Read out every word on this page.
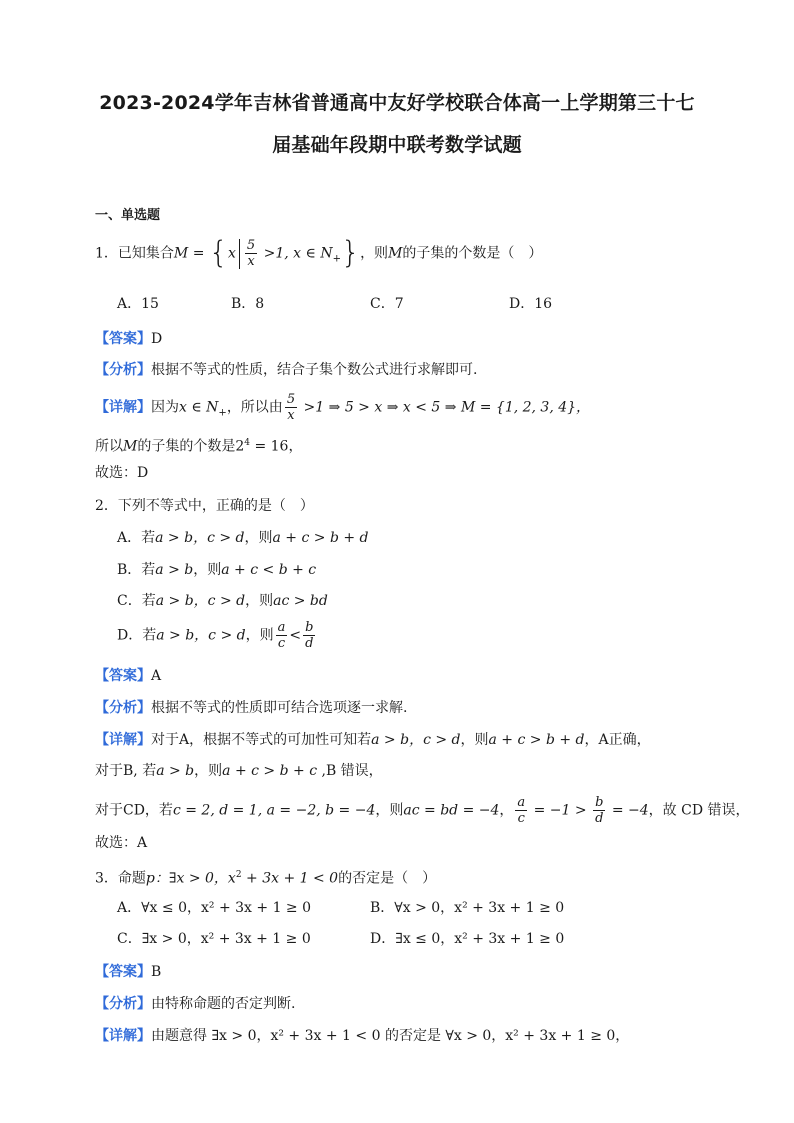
2023-2024学年吉林省普通高中友好学校联合体高一上学期第三十七
届基础年段期中联考数学试题
一、单选题
1．已知集合$M = \{x \frac{5}{x} >1$, x ∈ $N_+$}，则M的子集的个数是（　）
A．15	B．8	C．7	D．16
【答案】D
【分析】根据不等式的性质，结合子集个数公式进行求解即可.
【详解】因为x ∈ $N_+$，所以由 $\frac{5}{x} >1$ ⇒ 5 > x ⇒ x < 5 ⇒ M = {1, 2, 3, 4}，
所以M的子集的个数是$2^4 = 16$，
故选：D
2．下列不等式中，正确的是（　）
A．若a > b，c > d，则a + c > b + d
B．若a > b，则a + c < b + c
C．若a > b，c > d，则ac > bd
D．若a > b，c > d，则 $\frac{a}{c} < \frac{b}{d}$
【答案】A
【分析】根据不等式的性质即可结合选项逐一求解.
【详解】对于A，根据不等式的可加性可知若a > b，c > d，则a + c > b + d，A正确，
对于B, 若a > b，则a + c > b + c ,B 错误，
对于CD，若c = 2, d = 1, a = −2, b = −4，则ac = bd = −4， $\frac{a}{c} = -1 > \frac{b}{d} = -4$，故 CD 错误，
故选：A
3．命题p：∃x > 0，$x^2 + 3x + 1 < 0$的否定是（　）
A．∀x ≤ 0，x² + 3x + 1 ≥ 0	B．∀x > 0，x² + 3x + 1 ≥ 0
C．∃x > 0，x² + 3x + 1 ≥ 0	D．∃x ≤ 0，x² + 3x + 1 ≥ 0
【答案】B
【分析】由特称命题的否定判断.
【详解】由题意得 ∃x > 0，x² + 3x + 1 < 0 的否定是 ∀x > 0，x² + 3x + 1 ≥ 0，
